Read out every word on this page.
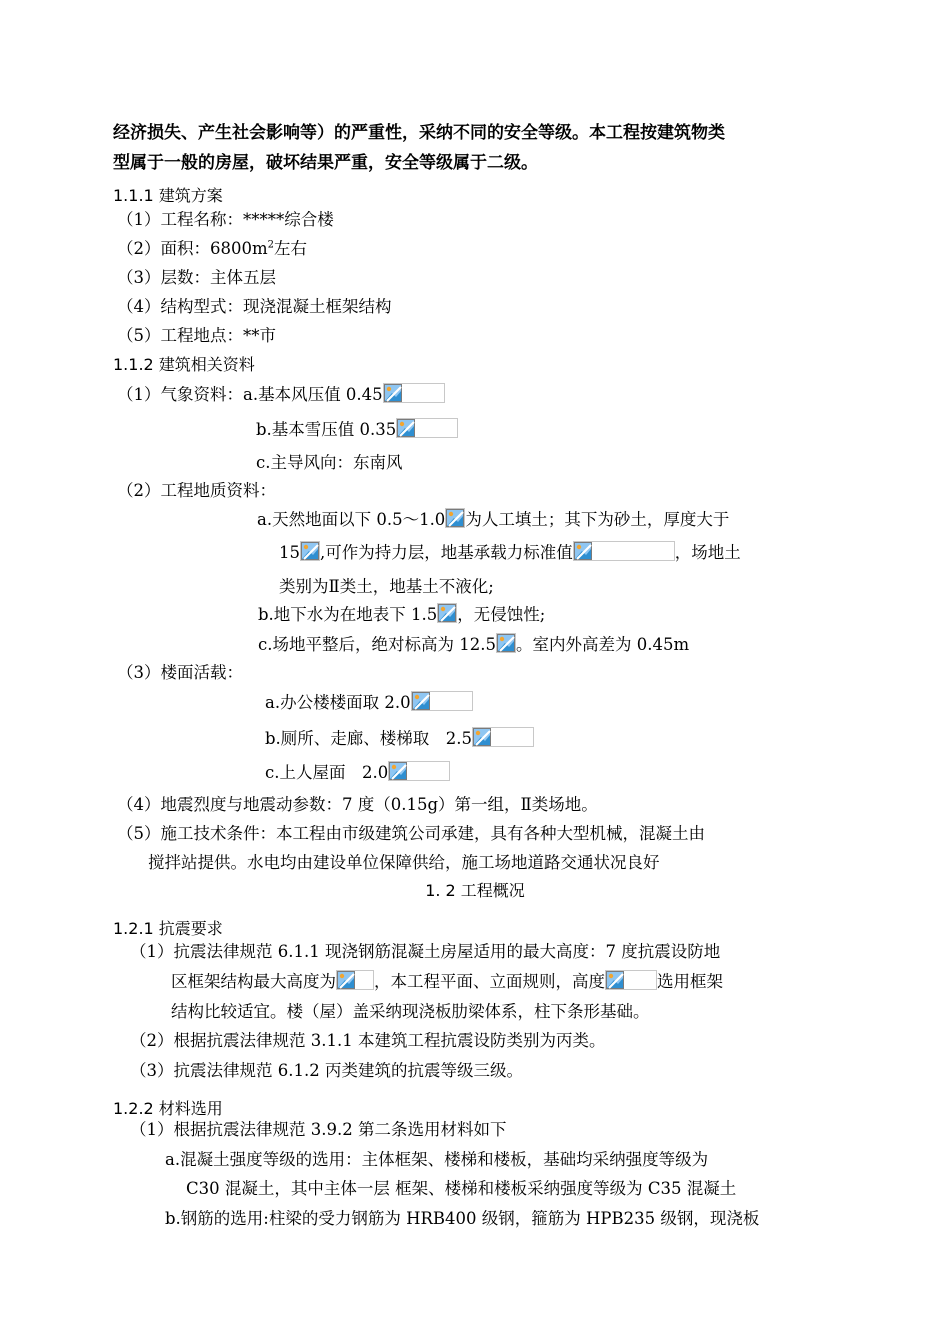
经济损失、产生社会影响等）的严重性，采纳不同的安全等级。本工程按建筑物类
型属于一般的房屋，破坏结果严重，安全等级属于二级。
1.1.1 建筑方案
（1）工程名称：*****综合楼
（2）面积：$6800m^2$左右
（3）层数：主体五层
（4）结构型式：现浇混凝土框架结构
（5）工程地点：**市
1.1.2 建筑相关资料
（1）气象资料：a.基本风压值 0.45
b.基本雪压值 0.35
c.主导风向：东南风
（2）工程地质资料：
a.天然地面以下 0.5～1.0 为人工填土；其下为砂土，厚度大于
15 ,可作为持力层，地基承载力标准值	，场地土
类别为Ⅱ类土，地基土不液化;
b.地下水为在地表下 1.5 ，无侵蚀性;
c.场地平整后，绝对标高为 12.5 。室内外高差为 0.45m
（3）楼面活载：
a.办公楼楼面取 2.0
b.厕所、走廊、楼梯取　2.5
c.上人屋面　2.0
（4）地震烈度与地震动参数：7 度（0.15g）第一组，Ⅱ类场地。
（5）施工技术条件：本工程由市级建筑公司承建，具有各种大型机械，混凝土由
搅拌站提供。水电均由建设单位保障供给，施工场地道路交通状况良好
1. 2 工程概况
1.2.1 抗震要求
（1）抗震法律规范 6.1.1 现浇钢筋混凝土房屋适用的最大高度：7 度抗震设防地
区框架结构最大高度为 ，本工程平面、立面规则，高度	选用框架
结构比较适宜。楼（屋）盖采纳现浇板肋梁体系，柱下条形基础。
（2）根据抗震法律规范 3.1.1 本建筑工程抗震设防类别为丙类。
（3）抗震法律规范 6.1.2 丙类建筑的抗震等级三级。
1.2.2 材料选用
（1）根据抗震法律规范 3.9.2 第二条选用材料如下
a.混凝土强度等级的选用：主体框架、楼梯和楼板，基础均采纳强度等级为
C30 混凝土，其中主体一层 框架、楼梯和楼板采纳强度等级为 C35 混凝土
b.钢筋的选用:柱梁的受力钢筋为 HRB400 级钢，箍筋为 HPB235 级钢，现浇板
